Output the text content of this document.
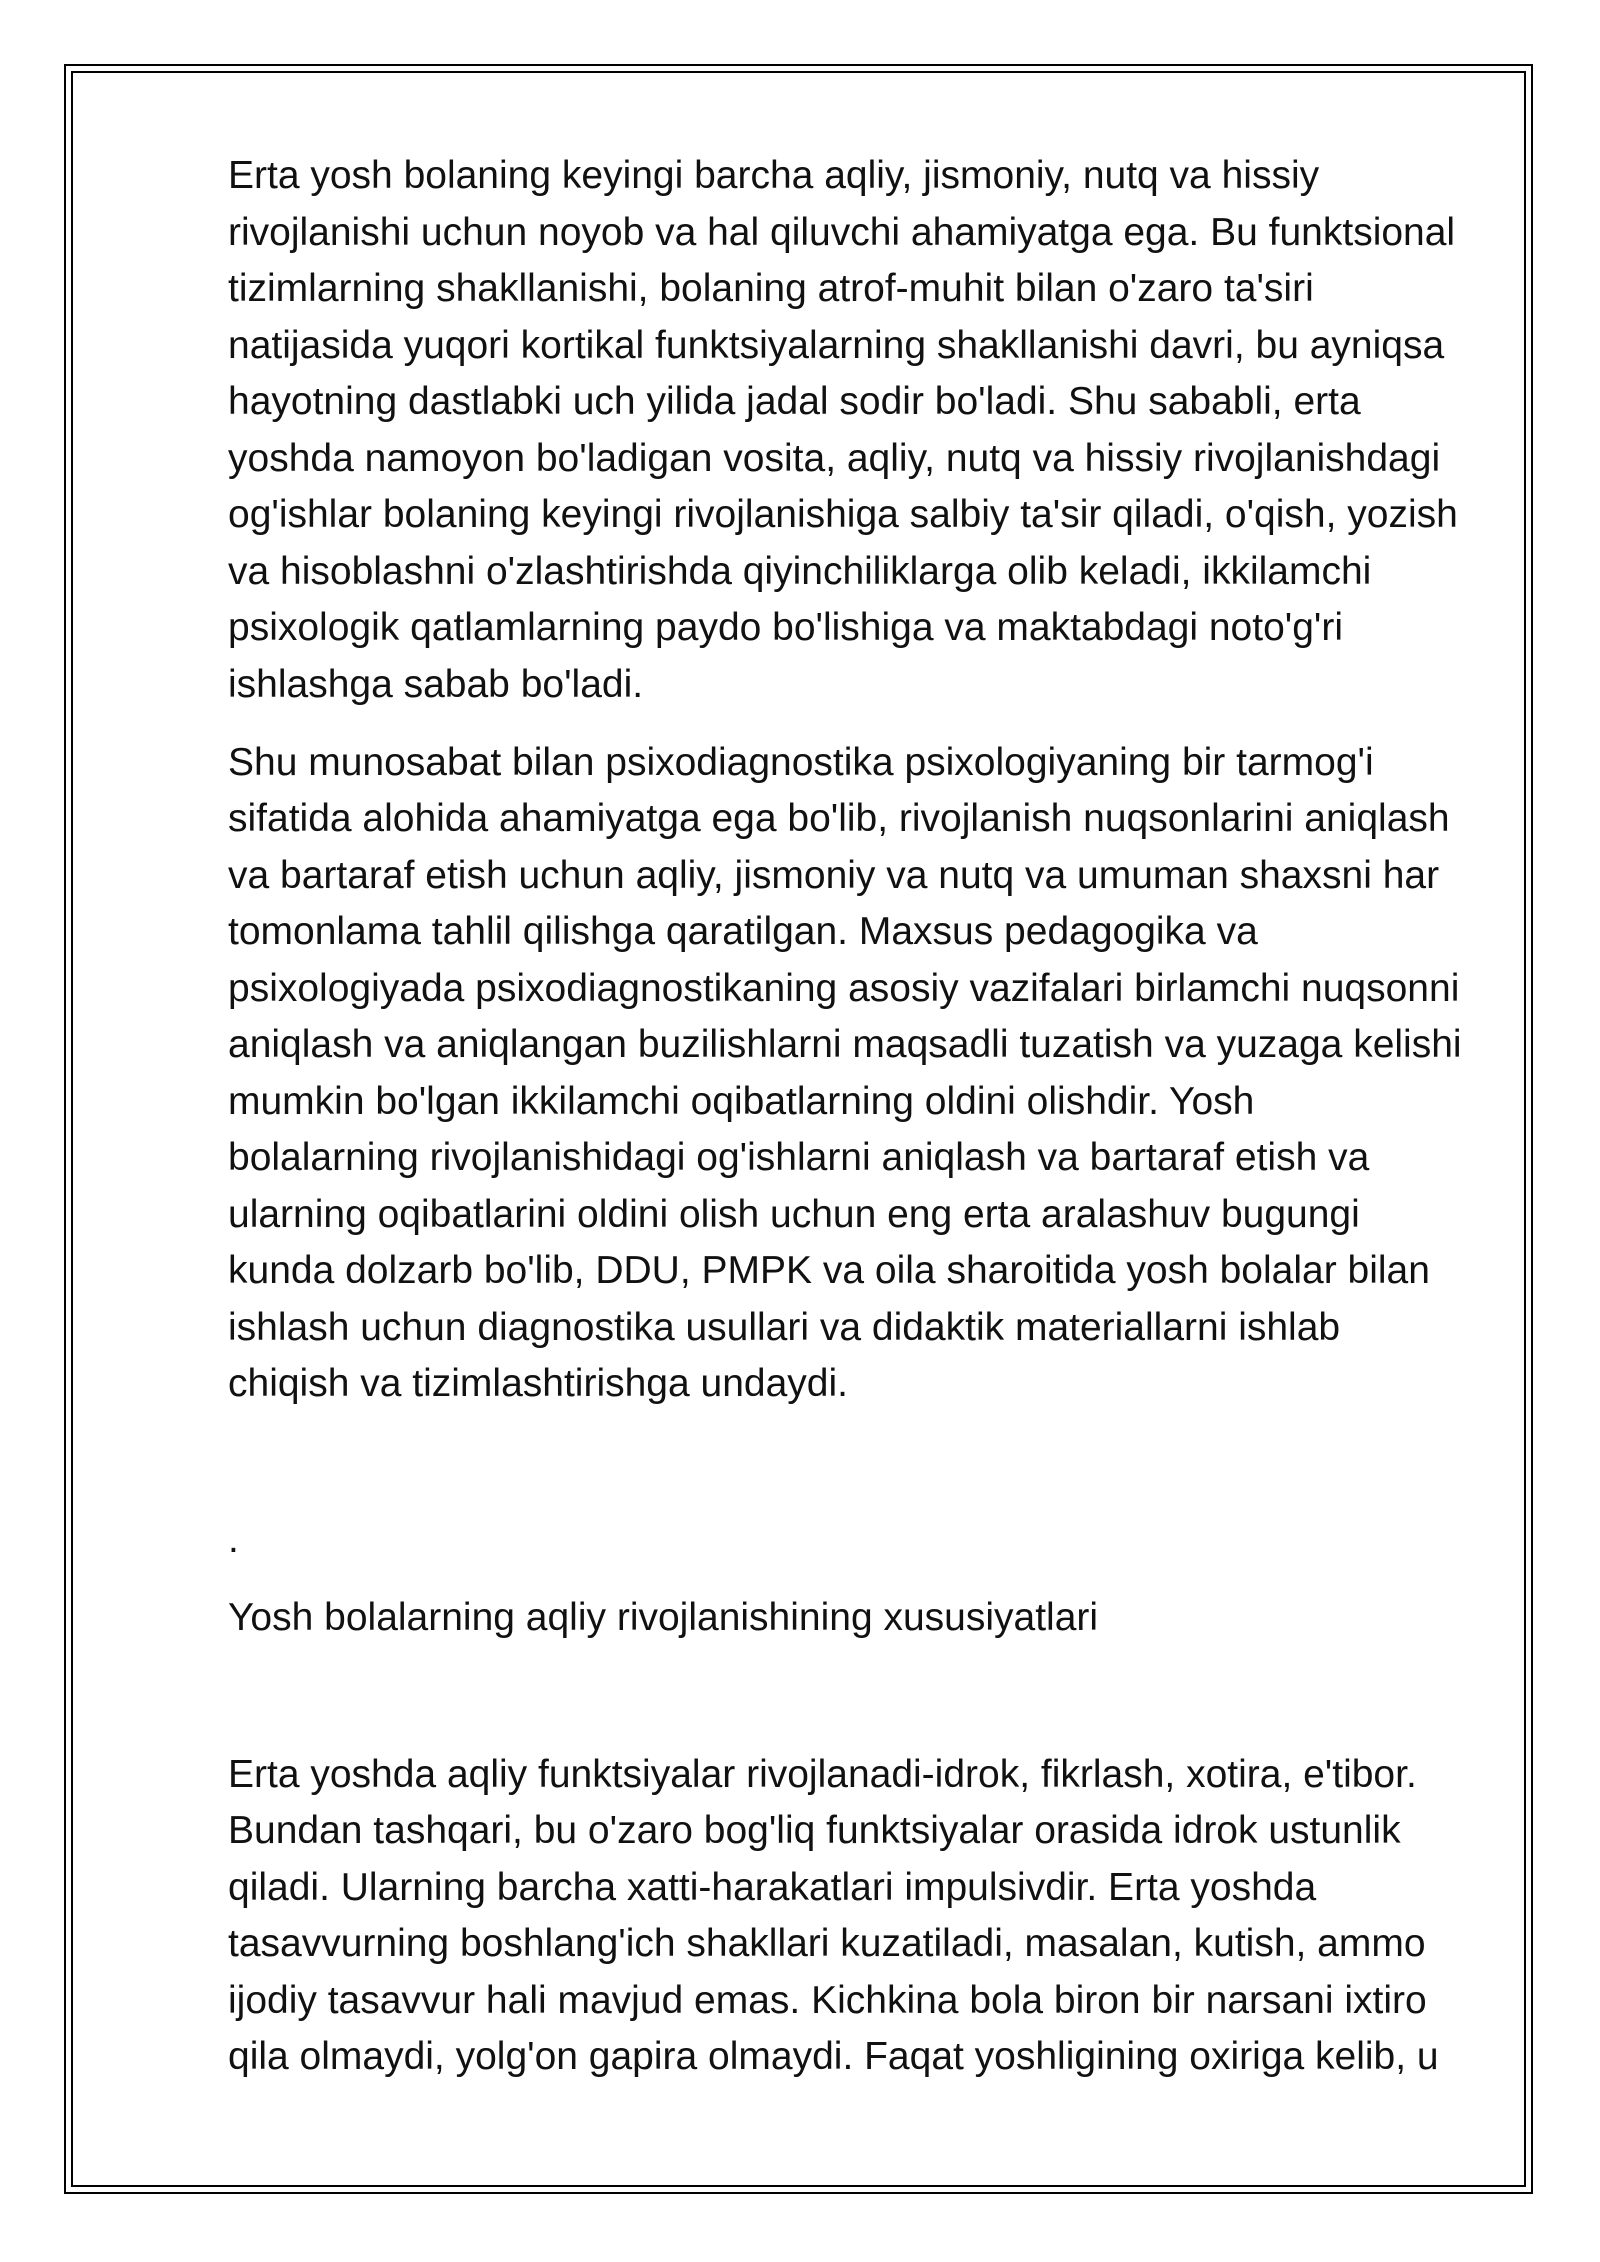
Erta yosh bolaning keyingi barcha aqliy, jismoniy, nutq va hissiy
rivojlanishi uchun noyob va hal qiluvchi ahamiyatga ega. Bu funktsional
tizimlarning shakllanishi, bolaning atrof-muhit bilan o'zaro ta'siri
natijasida yuqori kortikal funktsiyalarning shakllanishi davri, bu ayniqsa
hayotning dastlabki uch yilida jadal sodir bo'ladi. Shu sababli, erta
yoshda namoyon bo'ladigan vosita, aqliy, nutq va hissiy rivojlanishdagi
og'ishlar bolaning keyingi rivojlanishiga salbiy ta'sir qiladi, o'qish, yozish
va hisoblashni o'zlashtirishda qiyinchiliklarga olib keladi, ikkilamchi
psixologik qatlamlarning paydo bo'lishiga va maktabdagi noto'g'ri
ishlashga sabab bo'ladi.
Shu munosabat bilan psixodiagnostika psixologiyaning bir tarmog'i
sifatida alohida ahamiyatga ega bo'lib, rivojlanish nuqsonlarini aniqlash
va bartaraf etish uchun aqliy, jismoniy va nutq va umuman shaxsni har
tomonlama tahlil qilishga qaratilgan. Maxsus pedagogika va
psixologiyada psixodiagnostikaning asosiy vazifalari birlamchi nuqsonni
aniqlash va aniqlangan buzilishlarni maqsadli tuzatish va yuzaga kelishi
mumkin bo'lgan ikkilamchi oqibatlarning oldini olishdir. Yosh
bolalarning rivojlanishidagi og'ishlarni aniqlash va bartaraf etish va
ularning oqibatlarini oldini olish uchun eng erta aralashuv bugungi
kunda dolzarb bo'lib, DDU, PMPK va oila sharoitida yosh bolalar bilan
ishlash uchun diagnostika usullari va didaktik materiallarni ishlab
chiqish va tizimlashtirishga undaydi.
.
Yosh bolalarning aqliy rivojlanishining xususiyatlari
Erta yoshda aqliy funktsiyalar rivojlanadi-idrok, fikrlash, xotira, e'tibor.
Bundan tashqari, bu o'zaro bog'liq funktsiyalar orasida idrok ustunlik
qiladi. Ularning barcha xatti-harakatlari impulsivdir. Erta yoshda
tasavvurning boshlang'ich shakllari kuzatiladi, masalan, kutish, ammo
ijodiy tasavvur hali mavjud emas. Kichkina bola biron bir narsani ixtiro
qila olmaydi, yolg'on gapira olmaydi. Faqat yoshligining oxiriga kelib, u
